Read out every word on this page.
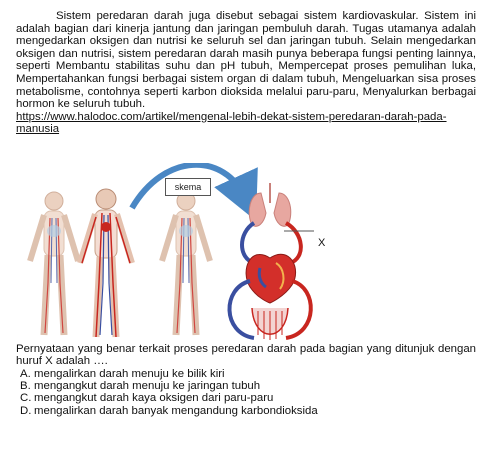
Sistem peredaran darah juga disebut sebagai sistem kardiovaskular. Sistem ini adalah bagian dari kinerja jantung dan jaringan pembuluh darah. Tugas utamanya adalah mengedarkan oksigen dan nutrisi ke seluruh sel dan jaringan tubuh. Selain mengedarkan oksigen dan nutrisi, sistem peredaran darah masih punya beberapa fungsi penting lainnya, seperti Membantu stabilitas suhu dan pH tubuh, Mempercepat proses pemulihan luka, Mempertahankan fungsi berbagai sistem organ di dalam tubuh, Mengeluarkan sisa proses metabolisme, contohnya seperti karbon dioksida melalui paru-paru, Menyalurkan berbagai hormon ke seluruh tubuh.
https://www.halodoc.com/artikel/mengenal-lebih-dekat-sistem-peredaran-darah-pada-manusia
skema
X
Pernyataan yang benar terkait proses peredaran darah pada bagian yang ditunjuk dengan huruf X adalah ….
A. mengalirkan darah menuju ke bilik kiri
B. mengangkut darah menuju ke jaringan tubuh
C. mengangkut darah kaya oksigen dari paru-paru
D. mengalirkan darah banyak mengandung karbondioksida
